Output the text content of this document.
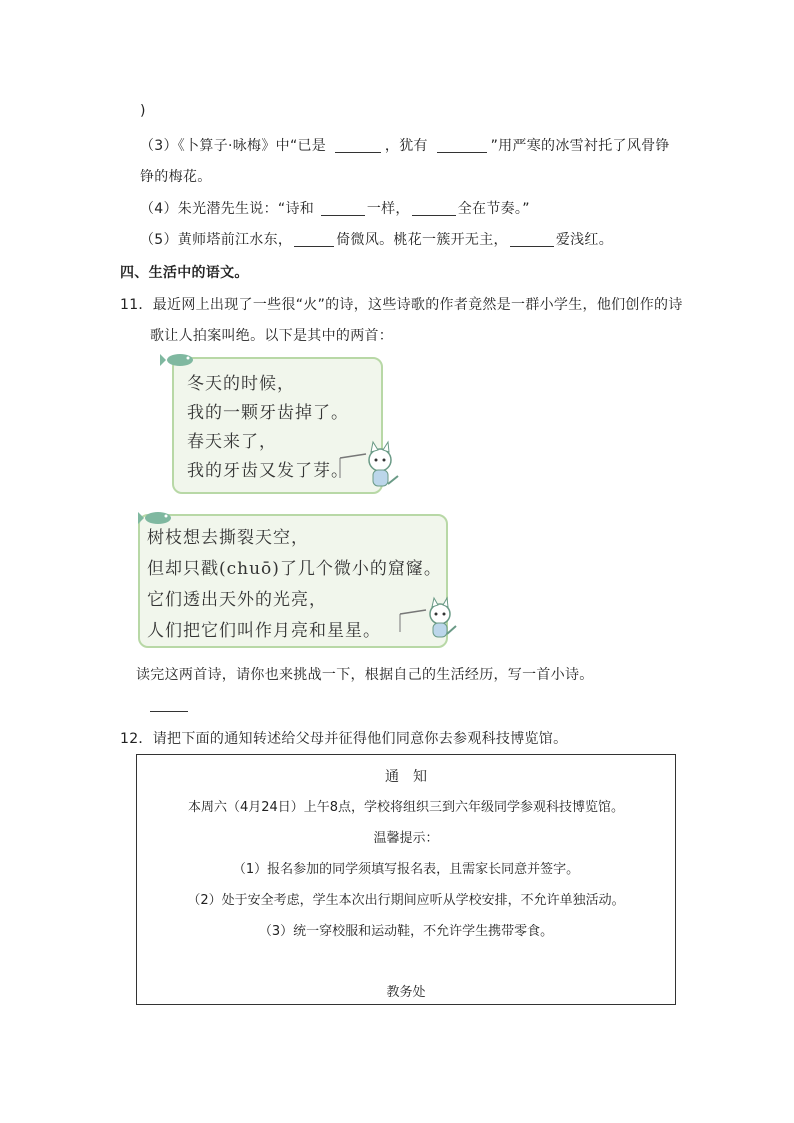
)
（3）《卜算子·咏梅》中“已是	，犹有	”用严寒的冰雪衬托了风骨铮
铮的梅花。
（4）朱光潜先生说：“诗和	一样，	全在节奏。”
（5）黄师塔前江水东，	倚微风。桃花一簇开无主，	爱浅红。
四、生活中的语文。
11．最近网上出现了一些很“火”的诗，这些诗歌的作者竟然是一群小学生，他们创作的诗
歌让人拍案叫绝。以下是其中的两首：
冬天的时候，
我的一颗牙齿掉了。
春天来了，
我的牙齿又发了芽。
树枝想去撕裂天空，
但却只戳(chuō)了几个微小的窟窿。
它们透出天外的光亮，
人们把它们叫作月亮和星星。
读完这两首诗，请你也来挑战一下，根据自己的生活经历，写一首小诗。
12．请把下面的通知转述给父母并征得他们同意你去参观科技博览馆。
通　知
本周六（4月24日）上午8点，学校将组织三到六年级同学参观科技博览馆。
温馨提示：
（1）报名参加的同学须填写报名表，且需家长同意并签字。
（2）处于安全考虑，学生本次出行期间应听从学校安排，不允许单独活动。
（3）统一穿校服和运动鞋，不允许学生携带零食。
教务处
